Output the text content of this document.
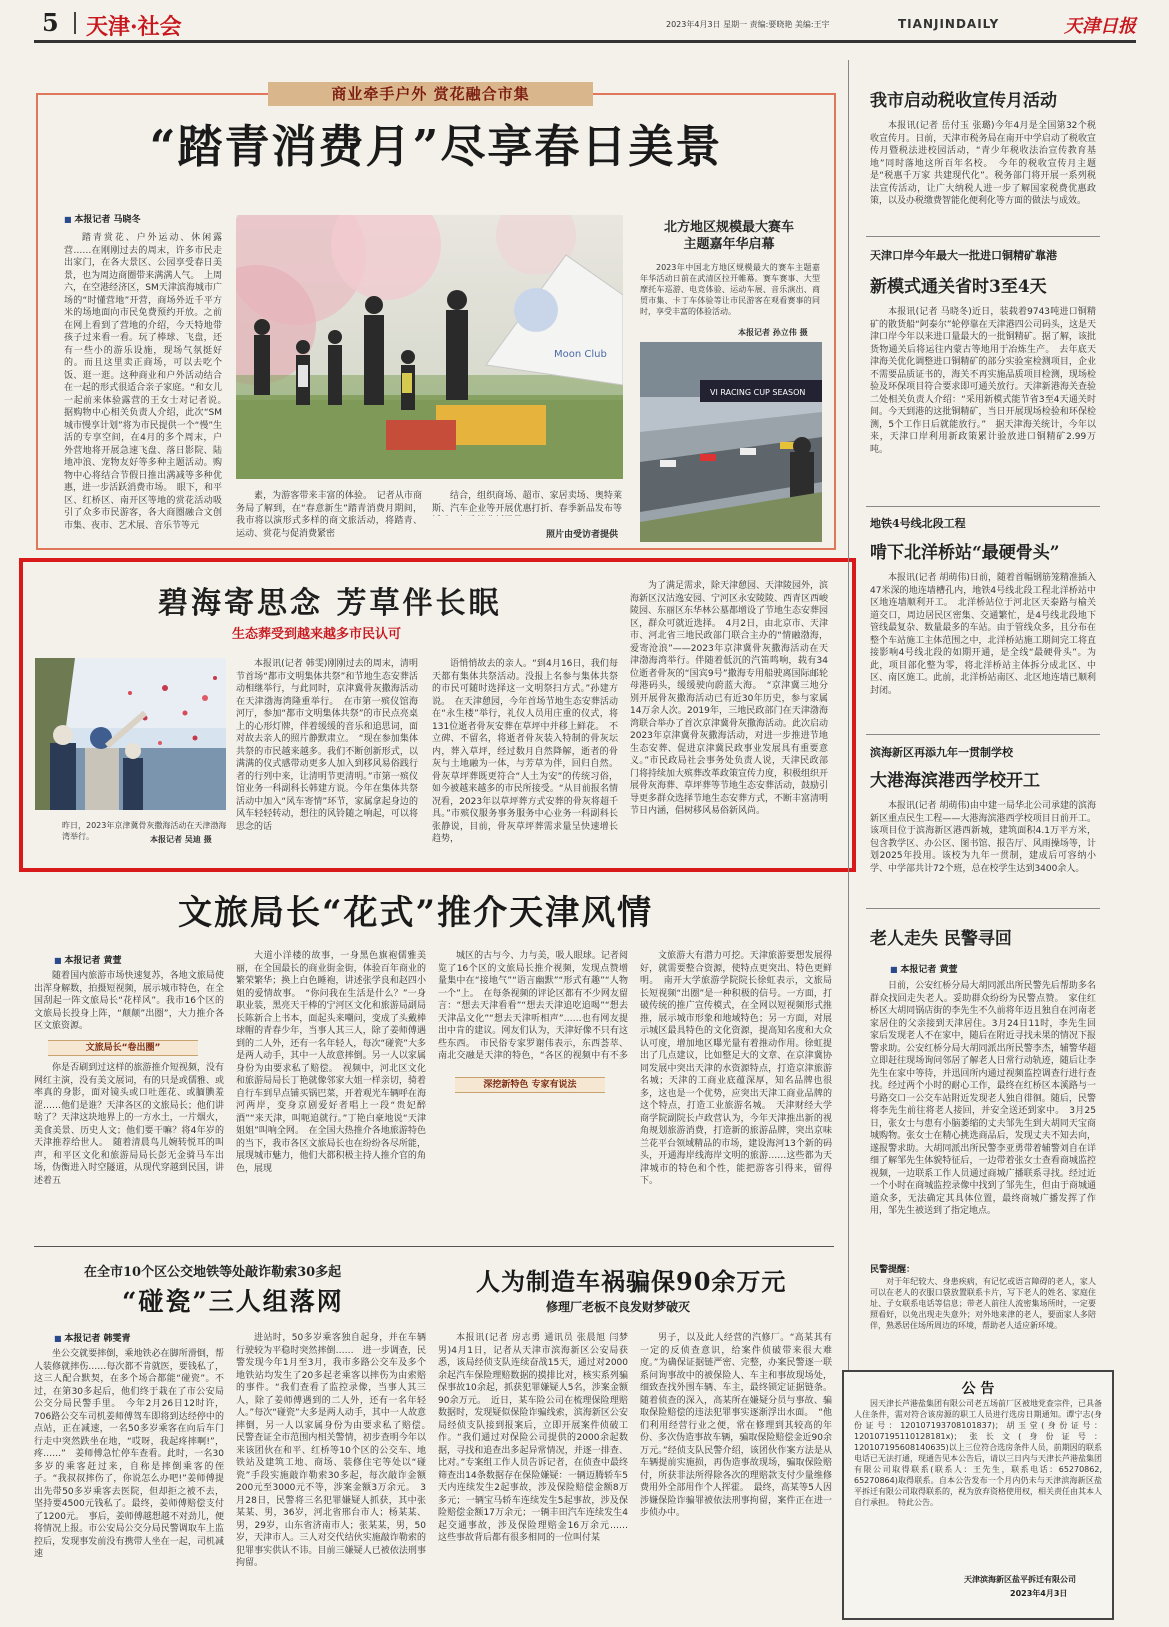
5 天津·社会	2023年4月3日 星期一 责编:要晓艳 美编:王宇	TIANJINDAILY	天津日报
商业牵手户外 赏花融合市集
“踏青消费月”尽享春日美景
■ 本报记者 马晓冬

踏青赏花、户外运动、休闲露营……在刚刚过去的周末，许多市民走出家门，在各大景区、公园享受春日美景，也为周边商圈带来满满人气。　上周六，在空港经济区，SM天津滨海城市广场的“时懂营地”开营，商场外近千平方米的场地面向市民免费预约开放。之前在网上看到了营地的介绍，今天特地带孩子过来看一看。玩了棒球、飞盘，还有一些小的游乐设施，现场气氛挺好的。而且这里卖正商场，可以去吃个饭、逛一逛。这种商业和户外活动结合在一起的形式很适合亲子家庭。“和女儿一起前来体验露营的王女士对记者说。　据购物中心相关负责人介绍，此次“SM城市慢享计划”将为市民提供一个“慢”生活的专享空间，在4月的多个周末，户外营地将开展急速飞盘、落日影院、陆地冲浪、宠物友好等多种主题活动。购物中心将结合节假日推出满减等多种优惠，进一步活跃消费市场。　眼下，和平区、红桥区、南开区等地的赏花活动吸引了众多市民游客，各大商圈融合文创市集、夜市、艺术展、音乐节等元

Moon Club

素，为游客带来丰富的体验。　记者从市商务局了解到，在“春意新生”踏青消费月期间，我市将以演形式多样的商文旅活动，将踏青、运动、赏花与促消费紧密

结合，组织商场、超市、家居卖场、奥特莱斯、汽车企业等开展优惠打折、春季新品发布等

照片由受访者提供
北方地区规模最大赛车主题嘉年华启幕

2023年中国北方地区规模最大的赛车主题嘉年华活动日前在武清区拉开帷幕。赛车赛事、大型摩托车巡游、电竞体验、运动车展、音乐演出、商贸市集、卡丁车体验等让市民游客在观看赛事的同时，享受丰富的体验活动。

本报记者 孙立伟 摄
VI RACING CUP SEASON
碧海寄思念 芳草伴长眠
生态葬受到越来越多市民认可
昨日，2023年京津冀骨灰撒海活动在天津渤海湾举行。	本报记者 吴迪 摄

本报讯(记者 韩雯)刚刚过去的周末，清明节首场“都市文明集体共祭”和节地生态安葬活动相继举行，与此同时，京津冀骨灰撒海活动在天津渤海湾隆重举行。　在市第一殡仪馆海河厅，参加“都市文明集体共祭”的市民点亮桌上的心形灯牌，伴着缓缓的音乐和追思词，面对故去亲人的照片静默肃立。　“现在参加集体共祭的市民越来越多。我们不断创新形式，以满满的仪式感带动更多人加入到移风易俗践行者的行列中来，让清明节更清明。”市第一殡仪馆业务一科副科长韩建方说。今年在集体共祭活动中加入“风车寄情”环节，家属拿起身边的风车轻轻转动，想往的风铃随之响起，可以将思念的话

语悄悄故去的亲人。“到4月16日，我们每天都有集体共祭活动。没报上名参与集体共祭的市民可随时选择这一文明祭扫方式。”孙建方说。　在天津憩园，今年首场节地生态安葬活动在“永生楼”举行，礼仪人员用庄重的仪式，将131位逝者骨灰安葬在草坪中并移上鲜花。　不立碑、不留名，将逝者骨灰装入特制的骨灰坛内，葬入草坪，经过数月自然降解，逝者的骨灰与土地融为一体，与芳草为伴，回归自然。骨灰草坪葬既更符合“人土为安”的传统习俗，如今被越来越多的市民所接受。“从目前报名情况看，2023年以草坪葬方式安葬的骨灰将超千具。”市殡仪服务事务服务中心业务一科副科长张静说，目前，骨灰草坪葬需求量呈快速增长趋势，

为了满足需求，除天津憩园、天津陵园外，滨海新区汉沽逸安园、宁河区永安陵陵、西青区西峻陵园、东丽区东华林公墓都增设了节地生态安葬园区，群众可就近选择。　4月2日，由北京市、天津市、河北省三地民政部门联合主办的“情融渤海，爱寄沧浪”——2023年京津冀骨灰撒海活动在天津渤海湾举行。伴随着低沉的汽笛鸣响，载有34位逝者骨灰的“国宾9号”撒海专用船驶离国际邮轮母港码头，缓缓驶向蔚蓝大海。　“京津冀三地分别开展骨灰撒海活动已有近30年历史，参与家属14万余人次。2019年，三地民政部门在天津渤海湾联合举办了首次京津冀骨灰撒海活动。此次启动2023年京津冀骨灰撒海活动，对进一步推进节地生态安葬、促进京津冀民政事业发展具有重要意义。”市民政局社会事务处负责人说，天津民政部门将持续加大殡葬改革政策宣传力度，积极组织开展骨灰海葬、草坪葬等节地生态安葬活动，鼓励引导更多群众选择节地生态安葬方式，不断丰富清明节日内涵，倡树移风易俗新风尚。

文旅局长“花式”推介天津风情
■ 本报记者 黄萱

随着国内旅游市场快速复苏，各地文旅局使出浑身解数，拍摄短视频，展示城市特色，在全国刮起一阵文旅局长“花样风”。我市16个区的文旅局长投身上阵，“颠颠”出圈”，大力推介各区文旅资源。

文旅局长“卷出圈”

你是否刷到过这样的旅游推介短视频，没有网红主演，没有美文展词，有的只是或儒雅、或率真的身影，面对镜头或口吐莲花、或腼腆羞涩……他们是谁？天津各区的文旅局长；他们讲啥了？天津这块地界上的一方水土，一片烟火，美食美景、历史人文；他们要干嘛？将4年岁的天津推荐给世人。　随着清晨鸟儿婉转悦耳的叫声，和平区文化和旅游局局长彭无金骑马车出场，伪衡进入时空隧道，从现代穿越到民国，讲述着五

大道小洋楼的故事，一身黑色旗袍儒雅美丽，在全国最长的商业街金街，体验百年商业的繁荣繁华；换上白色睡袍，讲述张学良和赵四小姐的爱情故事。　“你问我在生活是什么？”一身职业装，黑亮天干棒的宁河区文化和旅游局副局长陈新合上书本，面起头来嘲问，变成了头戴棒球帽的青春少年，当事人其三人，除了姜师傅遇到的二人外，还有一名年轻人，每次“碰瓷”大多是两人动手，其中一人故意摔倒。另一人以家属身份为由要求私了赔偿。　视频中，河北区文化和旅游局局长丁艳就像邻家大姐一样亲切，骑着自行车到早点铺买锅巴菜，开着观光车辆呼在海河两岸，变身京剧爱好者唱上一段“贵妃醉酒”“来天津，叫呃追就行。”丁艳白豪地说“天津姐姐”叫响全网。　在全国大热推介各地旅游特色的当下，我市各区文旅局长也在纷纷各尽所能，展现城市魅力，他们大都积极主持人推介官的角色，展现

城区的古与今、力与美，吸人眼球。记者阅览了16个区的文旅局长推介视频，发现点赞增量集中在“接地气”“语言幽默”“形式有趣”“人物一个”上。　在每条视频的评论区都有不少网友留言：“想去天津看看”“想去天津追吃追喝”“想去天津品文化”“想去天津听相声”……也有网友提出中肯的建议。网友们认为，天津好像不只有这些东西。　市民俗专家罗谢伟表示，东西荟萃、南北交融是天津的特色，“各区的视频中有不多

深挖新特色 专家有说法

文旅游大有潜力可挖。天津旅游要想发展得好，就需要整合资源，使特点更突出、特色更鲜明。　南开大学旅游学院院长徐虹表示，文旅局长短视频“出圈”是一种积极的信号。一方面，打破传统的推广宣传模式，在全网以短视频形式推推，展示城市形象和地域特色；另一方面，对展示城区最具特色的文化资源，提高知名度和大众认可度，增加地区曝光量有着推动作用。徐虹提出了几点建议，比如整足大的文章、在京津冀协同发展中突出天津的水资源特点，打造京津旅游名城；天津的工商业底蕴深厚，知名品牌也很多，这也是一个优势，应突出天津工商业品牌的这个特点，打造工业旅游名城。　天津财经大学商学院副院长卢政营认为，今年天津推出新的视角规划旅游消费，打造新的旅游品牌，突出京味兰花平台领域精品的市场，建设海河13个新的码头，开通海岸线海岸文明的旅游……这些都为天津城市的特色和个性，能把游客引得来，留得下。

在全市10个区公交地铁等处敲诈勒索30多起
“碰瓷”三人组落网
■ 本报记者 韩雯青

坐公交就要摔倒，乘地铁必在脚所滑倒，帮人装修就摔伤……每次都不肯就医，要钱私了，这三人配合默契，在多个场合都能“碰瓷”。不过，在第30多起后，他们终于栽在了市公安局公交分局民警手里。　今年2月26日12时许，706路公交车司机姜师傅驾车即将到达经停中的点站，正在减速，一名50多岁乘客在向后车门行走中突然跌坐在地，“哎呀，我起疼摔啊!”，疼……”　姜师傅急忙停车查看。此时，一名30多岁的乘客赶过来，自称是摔倒乘客的侄子。“我叔叔摔伤了，你说怎么办吧!”姜师傅提出先带50多岁乘客去医院，但却拒之被不去，坚持要4500元钱私了。最终，姜师傅赔偿支付了1200元。　事后，姜师傅越想越不对劲儿，便将情况上报。市公安局公交分局民警调取车上监控后，发现事发前没有携带人坐在一起，司机减速

进站时，50多岁乘客独自起身，并在车辆行驶较为平稳时突然摔倒……　进一步调查，民警发现今年1月至3月，我市多路公交车及多个地铁站均发生了20多起老乘客以摔伤为由索赔的事件。“我们查看了监控录像，当事人其三人，除了姜师傅遇到的二人外，还有一名年轻人。”每次“碰瓷”大多是两人动手，其中一人故意摔倒，另一人以家属身份为由要求私了赔偿。　民警查证全市范围内相关警情，初步查明今年以来该团伙在和平、红桥等10个区的公交车、地铁站及建筑工地、商场、装修住宅等处以“碰瓷”手段实施敲诈勒索30多起，每次敲诈金额200元至3000元不等，涉案金额3万余元。　3月28日，民警将三名犯罪嫌疑人抓获，其中张某某、男，36岁，河北省邢台市人；杨某某、男，29岁，山东省济南市人；张某某，男，50岁，天津市人。三人对交代结伙实施敲诈勒索的犯罪事实供认不讳。目前三嫌疑人已被依法刑事拘留。

人为制造车祸骗保90余万元
修理厂老板不良发财梦破灭

本报讯(记者 房志勇 通讯员 张晨旭 闫梦男)4月1日，记者从天津市滨海新区公安局获悉，该局经侦支队连续奋战15天，通过对2000余起汽车保险理赔数据的摸排比对，核实系列骗保事故10余起，抓获犯罪嫌疑人5名，涉案金额90余万元。　近日，某车险公司在梳理保险理赔数据时，发现疑似保险诈骗线索，滨海新区公安局经侦支队接到报案后，立即开展案件侦破工作。“我们通过对保险公司提供的2000余起数据，寻找和追查出多起异常情况，并逐一排查、比对。”专案组工作人员告诉记者，在侦查中最终筛查出14条数据存在保险嫌疑：一辆迈腾轿车5天内连续发生2起事故，涉及保险赔偿金额8万多元；一辆宝马轿车连续发生5起事故，涉及保险赔偿金额17万余元；一辆丰田汽车连续发生4起交通事故，涉及保险理赔金16万余元……　这些事故背后都有很多相同的一位叫付某

男子，以及此人经营的汽修厂。“高某其有一定的反侦查意识，给案件侦破带来很大难度。”为确保证据链严密、完整，办案民警逐一联系问询事故中的被保险人、车主和事故现场处，细致查找外围车辆、车主，最终锁定证据链条。随着侦查的深入，高某所在嫌疑分员与事故、骗取保险赔偿的违法犯罪事实逐渐浮出水面。　“他们利用经营行业之便，常在修理到其较高的年份、多次伪造事故车辆，骗取保险赔偿金近90余万元。”经侦支队民警介绍，该团伙作案方法是从车辆提前实施损，再伪造事故现场，骗取保险赔付，所获非法所得除各次的理赔款支付少量维修费用外全部用作个人挥霍。　最终，高某等5人因涉嫌保险诈骗罪被依法刑事拘留，案件正在进一步侦办中。

我市启动税收宣传月活动

本报讯(记者 岳付玉 张璐)今年4月是全国第32个税收宣传月。日前，天津市税务局在南开中学启动了税收宣传月暨税法进校园活动，“青少年税收法治宣传教育基地”同时落地这所百年名校。　今年的税收宣传月主题是“税惠千万家 共建现代化”。税务部门将开展一系列税法宣传活动，让广大纳税人进一步了解国家税费优惠政策，以及办税缴费智能化便利化等方面的做法与成效。

天津口岸今年最大一批进口铜精矿靠港
新模式通关省时3至4天

本报讯(记者 马晓冬)近日，装载着9743吨进口铜精矿的散货船“阿泰尔”轮停靠在天津港四公司码头，这是天津口岸今年以来进口量最大的一批铜精矿。据了解，该批货物通关后将运往内蒙古等地用于冶炼生产。　去年底天津海关优化调整进口铜精矿的部分实验室检测项目，企业不需要品质证书的，海关不再实施品质项目检测，现场检验及环保项目符合要求即可通关放行。天津新港海关查验二处相关负责人介绍：“采用新模式能节省3至4天通关时间。今天到港的这批铜精矿，当日开展现场检验和环保检测，5个工作日后就能放行。”　据天津海关统计，今年以来，天津口岸利用新政策累计验放进口铜精矿2.99万吨。

地铁4号线北段工程
啃下北洋桥站“最硬骨头”

本报讯(记者 胡萌伟)日前，随着首幅钢筋笼精准插入47米深的地连墙槽孔内，地铁4号线北段工程北洋桥站中区地连墙顺利开工。　北洋桥站位于河北区天泰路与榆关道交口，周边居民区密集、交通繁忙，是4号线北段地下管线最复杂、数量最多的车站。由于管线众多，且分布在整个车站施工主体范围之中，北洋桥站施工期间完工将直接影响4号线北段的如期开通，是全线“最硬骨头”。为此，项目部化整为零，将北洋桥站主体拆分成北区、中区、南区施工。此前，北洋桥站南区、北区地连墙已顺利封闭。

滨海新区再添九年一贯制学校
大港海滨港西学校开工

本报讯(记者 胡萌伟)由中建一局华北公司承建的滨海新区重点民生工程——大港海滨港西学校项目日前开工。该项目位于滨海新区港西新城，建筑面积4.1万平方米，包含教学区、办公区、图书馆、报告厅、风雨操场等，计划2025年投用。该校为九年一贯制，建成后可容纳小学、中学部共计72个班，总在校学生达到3400余人。

老人走失 民警寻回
■ 本报记者 黄萱

日前，公安红桥分局大胡同派出所民警先后帮助多名群众找回走失老人。妥助群众纷纷为民警点赞。　家住红桥区大胡同锅店街的李先生不久前将年迈且独自在河南老家居住的父亲接到天津居住。3月24日11时，李先生回家后发现老人不在家中，随后在附近寻找未果的情况下报警求助。公安红桥分局大胡同派出所民警李杰，辅警华超立即赶往现场询问邻居了解老人日常行动轨迹，随后让李先生在家中等待，并迅回所内通过视频监控调查行进行查找。经过两个小时的耐心工作，最终在红桥区本溪路与一号路交口一公交车站附近发现老人独自徘徊。随后，民警将李先生前往将老人接回，并安全送还到家中。　3月25日，张女士与患有小脑萎缩的丈夫邹先生到大胡同天宝商城购物。张女士在精心挑选商品后，发现丈夫不知去向，遂报警求助。大胡同派出所民警李亚勇带着辅警刘自在详细了解邹先生体貌特征后，一边带着张女士查看商城监控视频，一边联系工作人员通过商城广播联系寻找。经过近一个小时在商城监控录像中找到了邹先生，但由于商城通道众多，无法确定其具体位置，最终商城广播发挥了作用，邹先生被送到了指定地点。

民警提醒：

对于年纪较大、身患疾病，有记忆或语言障碍的老人，家人可以在老人的衣服口袋放置联系卡片，写下老人的姓名、家庭住址、子女联系电话等信息；带老人前往人流密集场所时，一定要照看好，以免出现走失意外；对外地来津的老人，要面家人多陪伴，熟悉居住场所周边的环境，帮助老人适应新环境。

公 告

因天津长芦港盐集团有限公司老五场前厂区被地党查宗件，已具备人住条件，需对符合该房源的职工人员进行选房日期通知。谭宁志(身份证号：120107193708101837)；胡玉堂(身份证号：120107195110128181x)；张长文(身份证号：120107195608140635)以上三位符合选房条件人员，前期因的联系电话已无法打通，现通告见本公告后，请以三日内与天津长芦港盐集团有限公司取得联系(联系人：王先生，联系电话：65270862, 65270864)取得联系。自本公告发布一个月内仍未与天津滨海新区盐平拆迁有限公司取得联系的，视为放弃资格使用权，相关责任由其本人自行承担。　特此公告。

天津滨海新区盐平拆迁有限公司
2023年4月3日
